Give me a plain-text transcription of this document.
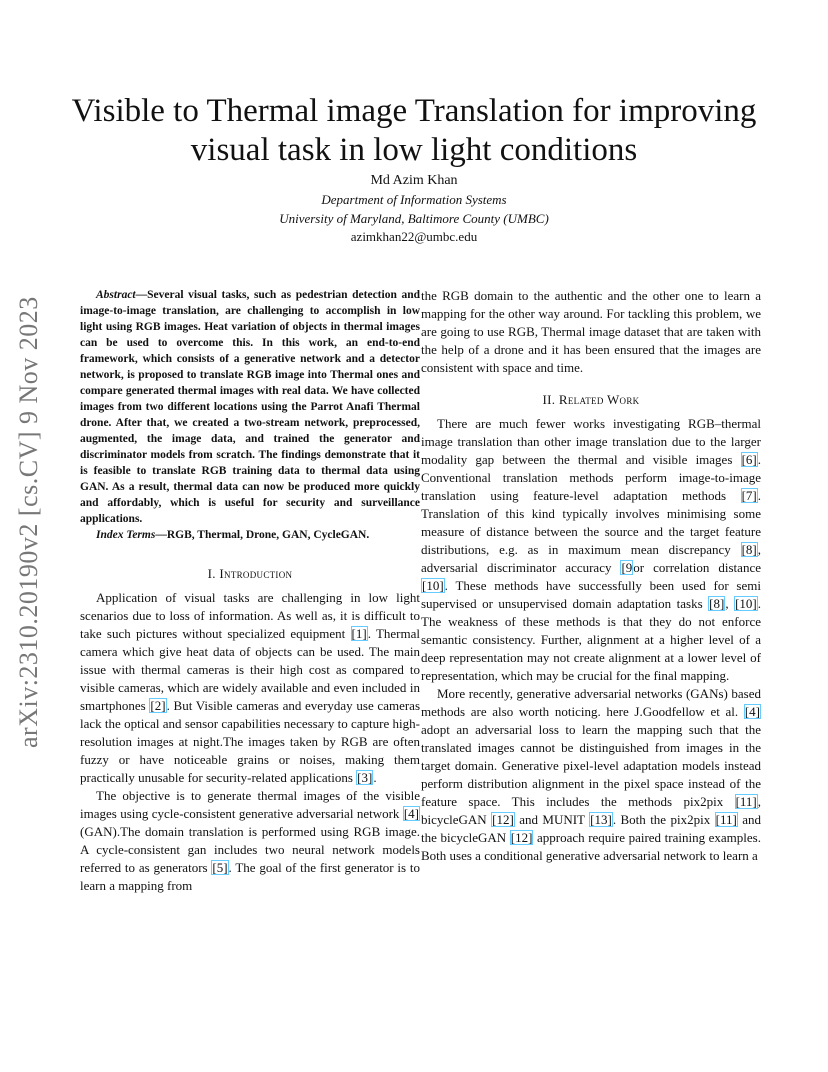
Visible to Thermal image Translation for improving visual task in low light conditions
Md Azim Khan
Department of Information Systems
University of Maryland, Baltimore County (UMBC)
azimkhan22@umbc.edu
arXiv:2310.20190v2 [cs.CV] 9 Nov 2023

Abstract—Several visual tasks, such as pedestrian detection and image-to-image translation, are challenging to accomplish in low light using RGB images. Heat variation of objects in thermal images can be used to overcome this. In this work, an end-to-end framework, which consists of a generative network and a detector network, is proposed to translate RGB image into Thermal ones and compare generated thermal images with real data. We have collected images from two different locations using the Parrot Anafi Thermal drone. After that, we created a two-stream network, preprocessed, augmented, the image data, and trained the generator and discriminator models from scratch. The findings demonstrate that it is feasible to translate RGB training data to thermal data using GAN. As a result, thermal data can now be produced more quickly and affordably, which is useful for security and surveillance applications.

Index Terms—RGB, Thermal, Drone, GAN, CycleGAN.

I. Introduction

Application of visual tasks are challenging in low light scenarios due to loss of information. As well as, it is difficult to take such pictures without specialized equipment [1]. Thermal camera which give heat data of objects can be used. The main issue with thermal cameras is their high cost as compared to visible cameras, which are widely available and even included in smartphones [2]. But Visible cameras and everyday use cameras lack the optical and sensor capabilities necessary to capture high-resolution images at night.The images taken by RGB are often fuzzy or have noticeable grains or noises, making them practically unusable for security-related applications [3].

The objective is to generate thermal images of the visible images using cycle-consistent generative adversarial network [4] (GAN).The domain translation is performed using RGB image. A cycle-consistent gan includes two neural network models referred to as generators [5]. The goal of the first generator is to learn a mapping from

the RGB domain to the authentic and the other one to learn a mapping for the other way around. For tackling this problem, we are going to use RGB, Thermal image dataset that are taken with the help of a drone and it has been ensured that the images are consistent with space and time.

II. Related Work

There are much fewer works investigating RGB–thermal image translation than other image translation due to the larger modality gap between the thermal and visible images [6]. Conventional translation methods perform image-to-image translation using feature-level adaptation methods [7]. Translation of this kind typically involves minimising some measure of distance between the source and the target feature distributions, e.g. as in maximum mean discrepancy [8], adversarial discriminator accuracy [9or correlation distance [10]. These methods have successfully been used for semi supervised or unsupervised domain adaptation tasks [8], [10]. The weakness of these methods is that they do not enforce semantic consistency. Further, alignment at a higher level of a deep representation may not create alignment at a lower level of representation, which may be crucial for the final mapping.

More recently, generative adversarial networks (GANs) based methods are also worth noticing. here J.Goodfellow et al. [4] adopt an adversarial loss to learn the mapping such that the translated images cannot be distinguished from images in the target domain. Generative pixel-level adaptation models instead perform distribution alignment in the pixel space instead of the feature space. This includes the methods pix2pix [11], bicycleGAN [12] and MUNIT [13]. Both the pix2pix [11] and the bicycleGAN [12] approach require paired training examples. Both uses a conditional generative adversarial network to learn a
